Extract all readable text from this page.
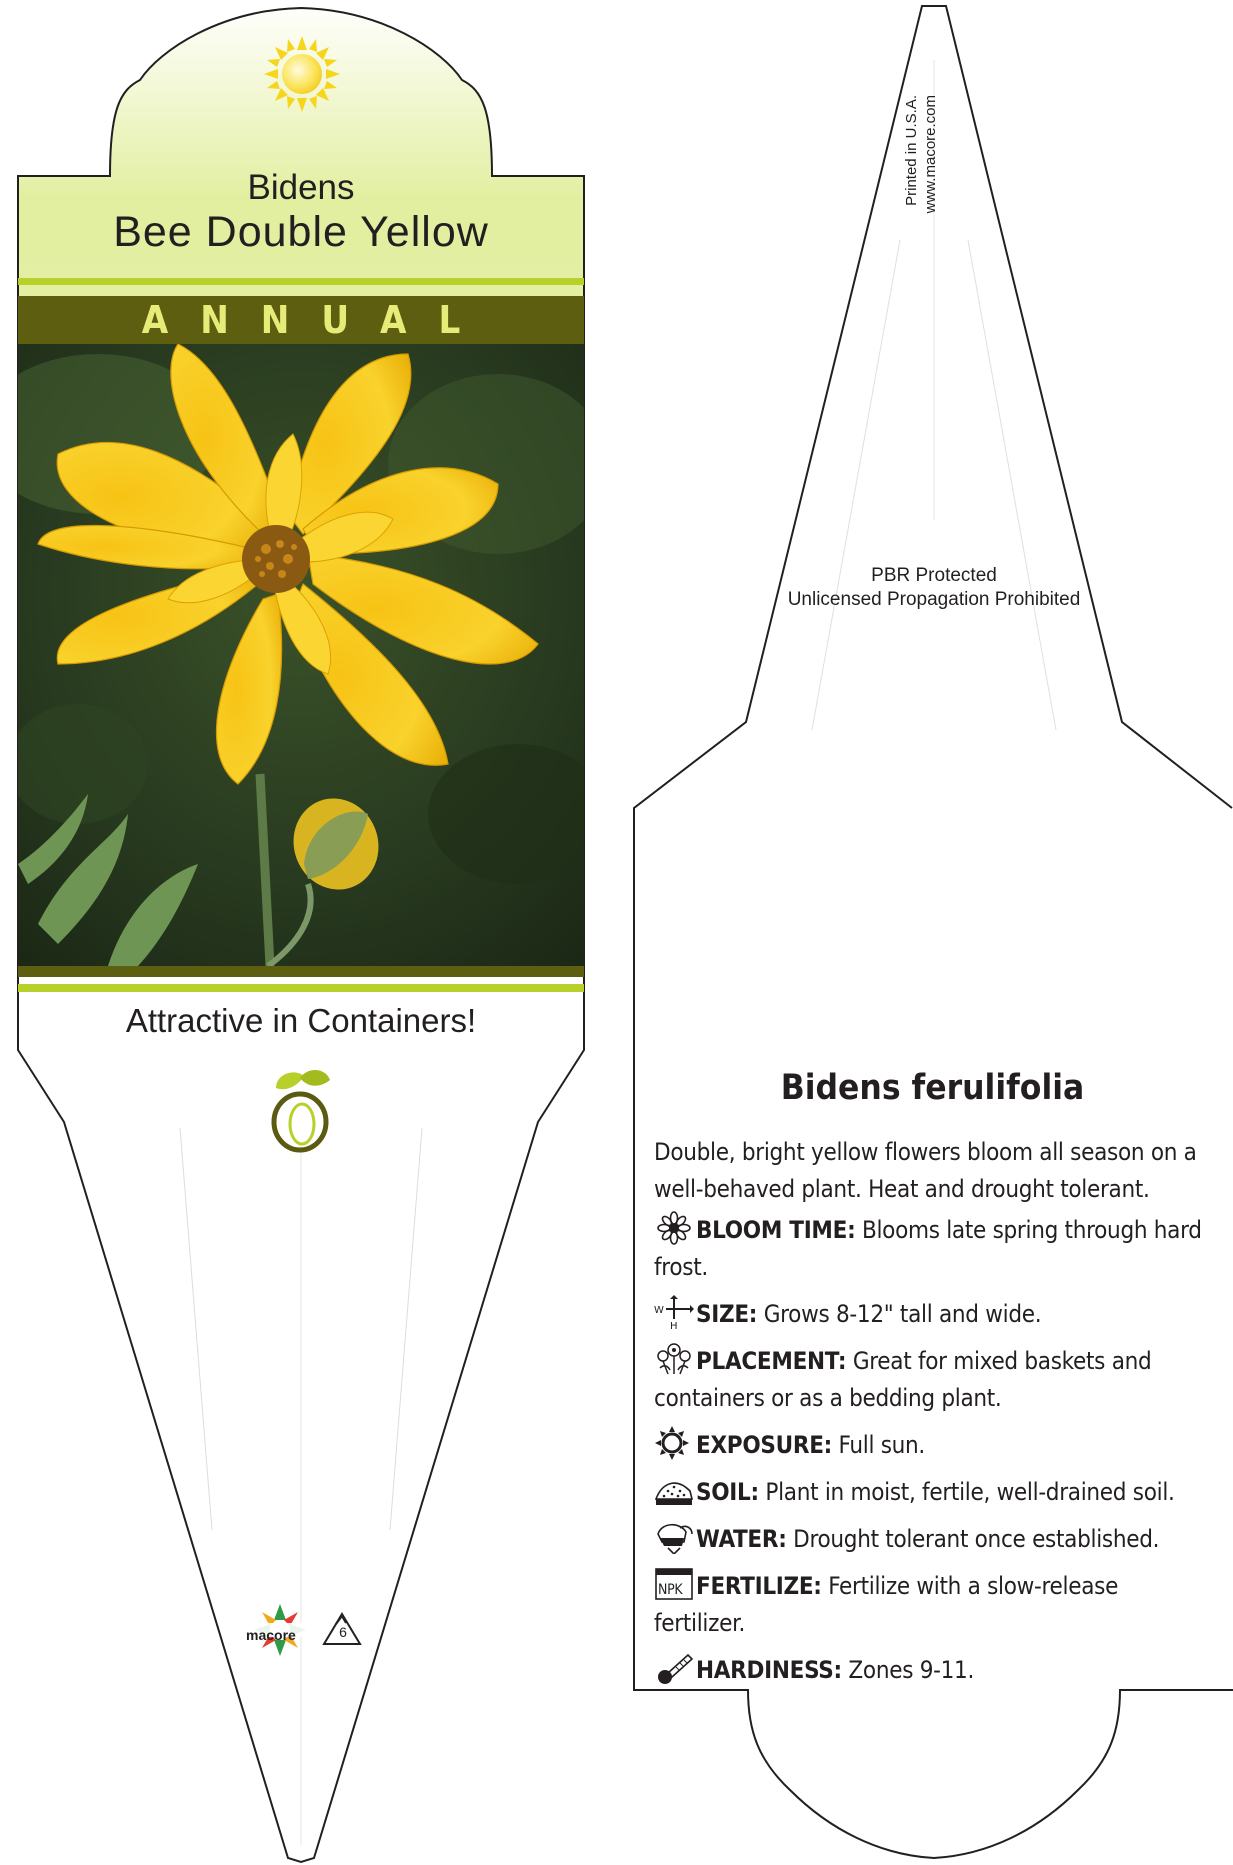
Bidens
Bee Double Yellow
ANNUAL
Attractive in Containers!
macore	6
Printed in U.S.A. www.macore.com
PBR Protected
Unlicensed Propagation Prohibited
Bidens ferulifolia

Double, bright yellow flowers bloom all season on a well-behaved plant. Heat and drought tolerant.

BLOOM TIME: Blooms late spring through hard frost.

W
H SIZE: Grows 8-12" tall and wide.

PLACEMENT: Great for mixed baskets and containers or as a bedding plant.

EXPOSURE: Full sun.

SOIL: Plant in moist, fertile, well-drained soil.

WATER: Drought tolerant once established.

NPK FERTILIZE: Fertilize with a slow-release fertilizer.

HARDINESS: Zones 9-11.
